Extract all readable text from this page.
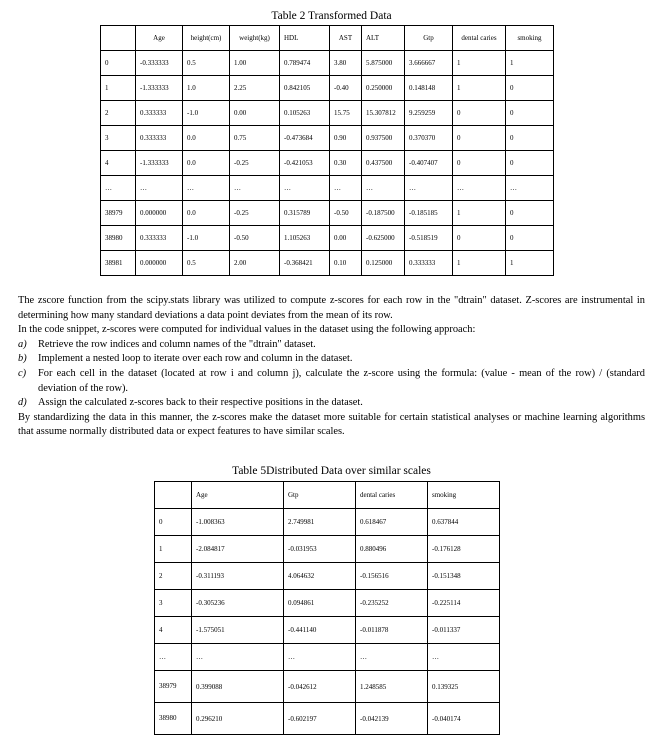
Table 2 Transformed Data
	Age	height(cm)	weight(kg)	HDL	AST	ALT	Gtp	dental caries	smoking
0	-0.333333	0.5	1.00	0.789474	3.80	5.875000	3.666667	1	1
1	-1.333333	1.0	2.25	0.842105	-0.40	0.250000	0.148148	1	0
2	0.333333	-1.0	0.00	0.105263	15.75	15.307812	9.259259	0	0
3	0.333333	0.0	0.75	-0.473684	0.90	0.937500	0.370370	0	0
4	-1.333333	0.0	-0.25	-0.421053	0.30	0.437500	-0.407407	0	0
…	…	…	…	…	…	…	…	…	…
38979	0.000000	0.0	-0.25	0.315789	-0.50	-0.187500	-0.185185	1	0
38980	0.333333	-1.0	-0.50	1.105263	0.00	-0.625000	-0.518519	0	0
38981	0.000000	0.5	2.00	-0.368421	0.10	0.125000	0.333333	1	1

The zscore function from the scipy.stats library was utilized to compute z-scores for each row in the "dtrain" dataset. Z-scores are instrumental in determining how many standard deviations a data point deviates from the mean of its row.

In the code snippet, z-scores were computed for individual values in the dataset using the following approach:

a) Retrieve the row indices and column names of the "dtrain" dataset.
b) Implement a nested loop to iterate over each row and column in the dataset.
c) For each cell in the dataset (located at row i and column j), calculate the z-score using the formula: (value - mean of the row) / (standard deviation of the row).
d) Assign the calculated z-scores back to their respective positions in the dataset.

By standardizing the data in this manner, the z-scores make the dataset more suitable for certain statistical analyses or machine learning algorithms that assume normally distributed data or expect features to have similar scales.

Table 5Distributed Data over similar scales
	Age	Gtp	dental caries	smoking
0	-1.008363	2.749981	0.618467	0.637844
1	-2.084817	-0.031953	0.880496	-0.176128
2	-0.311193	4.064632	-0.156516	-0.151348
3	-0.305236	0.094861	-0.235252	-0.225114
4	-1.575051	-0.441140	-0.011878	-0.011337
…	…	…	…	…
38979	0.399088	-0.042612	1.248585	0.139325
38980	0.296210	-0.602197	-0.042139	-0.040174
